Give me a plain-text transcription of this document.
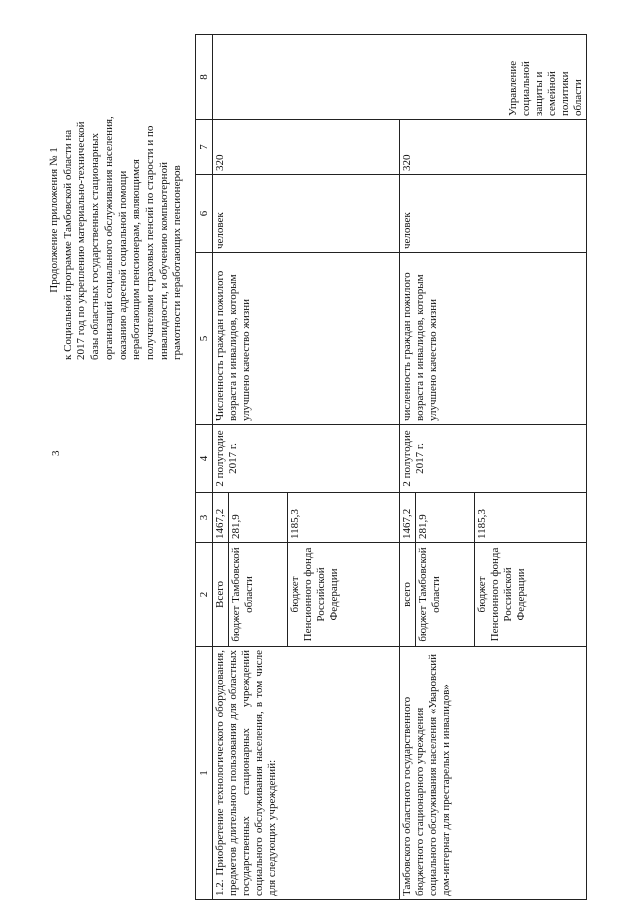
3
Продолжение приложения № 1 к Социальной программе Тамбовской области на 2017 год по укреплению материально-технической базы областных государственных стационарных организаций социального обслуживания населения, оказанию адресной социальной помощи неработающим пенсионерам, являющимся получателями страховых пенсий по старости и по инвалидности, и обучению компьютерной грамотности неработающих пенсионеров
1	2	3	4	5	6	7	8
1.2. Приобретение технологического оборудования, предметов длительного пользования для областных государственных стационарных учреждений социального обслуживания населения, в том числе для следующих учреждений:	Всего	1467,2	2 полугодие 2017 г.	Численность граждан пожилого возраста и инвалидов, которым улучшено качество жизни	человек	320	Управление социальной защиты и семейной политики области
	бюджет Тамбовской области	281,9					
	бюджет Пенсионного фонда Российской Федерации	1185,3					
Тамбовского областного государственного бюджетного стационарного учреждения социального обслуживания населения «Уваровский дом-интернат для престарелых и инвалидов»	всего	1467,2	2 полугодие 2017 г.	численность граждан пожилого возраста и инвалидов, которым улучшено качество жизни	человек	320	
	бюджет Тамбовской области	281,9					
	бюджет Пенсионного фонда Российской Федерации	1185,3					
